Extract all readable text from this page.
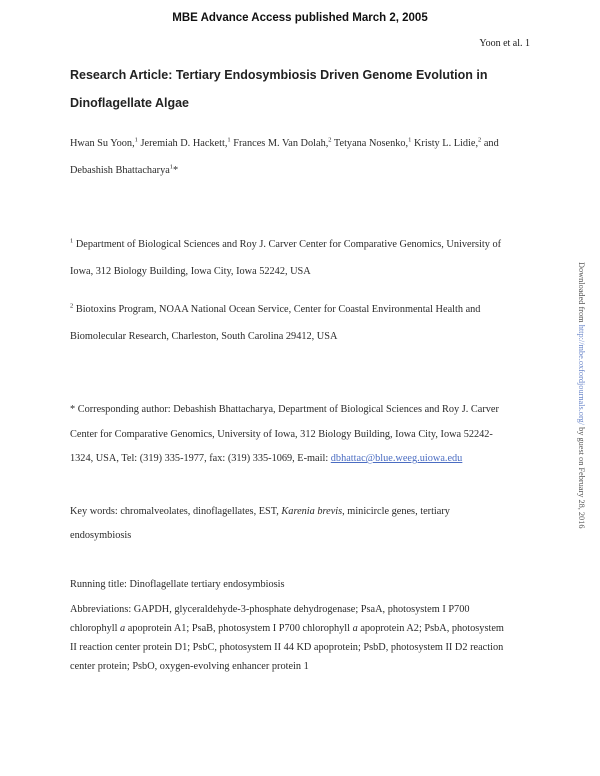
MBE Advance Access published March 2, 2005
Yoon et al. 1
Research Article: Tertiary Endosymbiosis Driven Genome Evolution in
Dinoflagellate Algae
Hwan Su Yoon,$^1$ Jeremiah D. Hackett,$^1$ Frances M. Van Dolah,$^2$ Tetyana Nosenko,$^1$ Kristy L. Lidie,$^2$ and
Debashish Bhattacharya$^1$*
$^1$ Department of Biological Sciences and Roy J. Carver Center for Comparative Genomics, University of
Iowa, 312 Biology Building, Iowa City, Iowa 52242, USA
$^2$ Biotoxins Program, NOAA National Ocean Service, Center for Coastal Environmental Health and
Biomolecular Research, Charleston, South Carolina 29412, USA
* Corresponding author: Debashish Bhattacharya, Department of Biological Sciences and Roy J. Carver
Center for Comparative Genomics, University of Iowa, 312 Biology Building, Iowa City, Iowa 52242-
1324, USA, Tel: (319) 335-1977, fax: (319) 335-1069, E-mail: dbhattac@blue.weeg.uiowa.edu
Key words: chromalveolates, dinoflagellates, EST, Karenia brevis, minicircle genes, tertiary
endosymbiosis
Running title: Dinoflagellate tertiary endosymbiosis
Abbreviations: GAPDH, glyceraldehyde-3-phosphate dehydrogenase; PsaA, photosystem I P700
chlorophyll a apoprotein A1; PsaB, photosystem I P700 chlorophyll a apoprotein A2; PsbA, photosystem
II reaction center protein D1; PsbC, photosystem II 44 KD apoprotein; PsbD, photosystem II D2 reaction
center protein; PsbO, oxygen-evolving enhancer protein 1
Downloaded from http://mbe.oxfordjournals.org/ by guest on February 28, 2016
